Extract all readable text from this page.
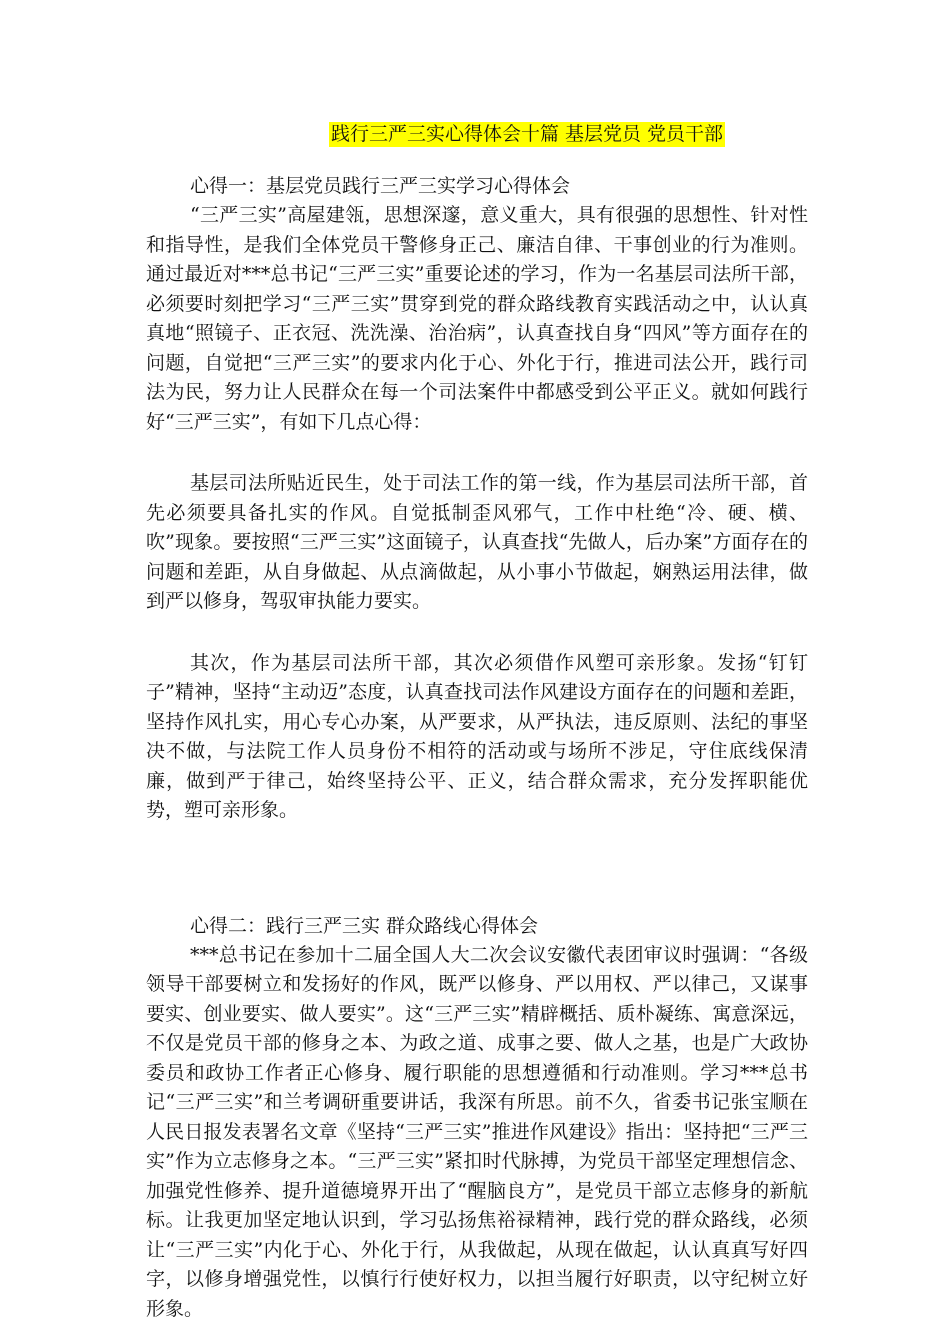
践行三严三实心得体会十篇 基层党员 党员干部

心得一：基层党员践行三严三实学习心得体会

“三严三实”高屋建瓴，思想深邃，意义重大，具有很强的思想性、针对性和指导性，是我们全体党员干警修身正己、廉洁自律、干事创业的行为准则。通过最近对***总书记“三严三实”重要论述的学习，作为一名基层司法所干部，必须要时刻把学习“三严三实”贯穿到党的群众路线教育实践活动之中，认认真真地“照镜子、正衣冠、洗洗澡、治治病”，认真查找自身“四风”等方面存在的问题，自觉把“三严三实”的要求内化于心、外化于行，推进司法公开，践行司法为民，努力让人民群众在每一个司法案件中都感受到公平正义。就如何践行好“三严三实”，有如下几点心得：

基层司法所贴近民生，处于司法工作的第一线，作为基层司法所干部，首先必须要具备扎实的作风。自觉抵制歪风邪气，工作中杜绝“冷、硬、横、吹”现象。要按照“三严三实”这面镜子，认真查找“先做人，后办案”方面存在的问题和差距，从自身做起、从点滴做起，从小事小节做起，娴熟运用法律，做到严以修身，驾驭审执能力要实。

其次，作为基层司法所干部，其次必须借作风塑可亲形象。发扬“钉钉子”精神，坚持“主动迈”态度，认真查找司法作风建设方面存在的问题和差距，坚持作风扎实，用心专心办案，从严要求，从严执法，违反原则、法纪的事坚决不做，与法院工作人员身份不相符的活动或与场所不涉足，守住底线保清廉，做到严于律己，始终坚持公平、正义，结合群众需求，充分发挥职能优势，塑可亲形象。

心得二：践行三严三实 群众路线心得体会

***总书记在参加十二届全国人大二次会议安徽代表团审议时强调：“各级领导干部要树立和发扬好的作风，既严以修身、严以用权、严以律己，又谋事要实、创业要实、做人要实”。这“三严三实”精辟概括、质朴凝练、寓意深远，不仅是党员干部的修身之本、为政之道、成事之要、做人之基，也是广大政协委员和政协工作者正心修身、履行职能的思想遵循和行动准则。学习***总书记“三严三实”和兰考调研重要讲话，我深有所思。前不久，省委书记张宝顺在人民日报发表署名文章《坚持“三严三实”推进作风建设》指出：坚持把“三严三实”作为立志修身之本。“三严三实”紧扣时代脉搏，为党员干部坚定理想信念、加强党性修养、提升道德境界开出了“醒脑良方”，是党员干部立志修身的新航标。让我更加坚定地认识到，学习弘扬焦裕禄精神，践行党的群众路线，必须让“三严三实”内化于心、外化于行，从我做起，从现在做起，认认真真写好四字，以修身增强党性，以慎行行使好权力，以担当履行好职责，以守纪树立好形象。
